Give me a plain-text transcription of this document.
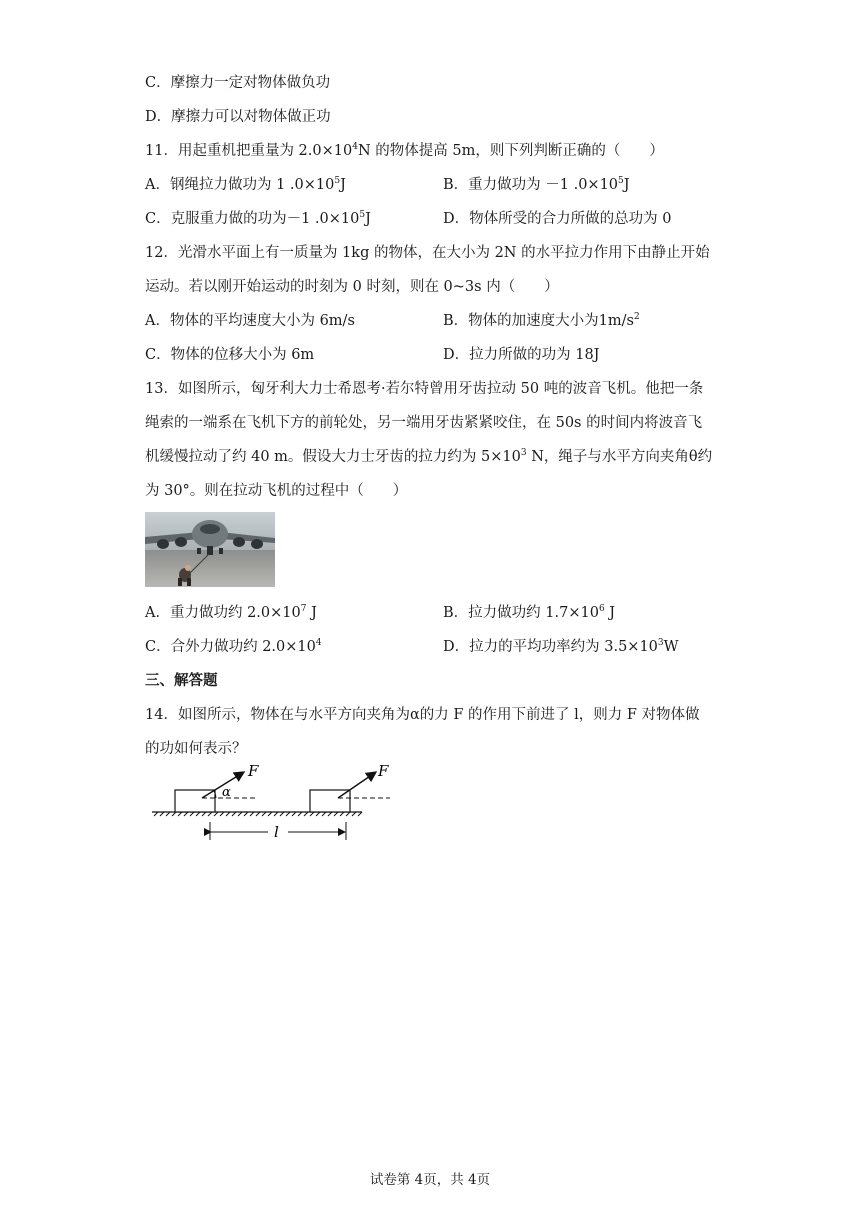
C．摩擦力一定对物体做负功
D．摩擦力可以对物体做正功
11．用起重机把重量为 $2.0\times 10^4N$ 的物体提高 5m，则下列判断正确的（　　）
A．钢绳拉力做功为 1 $.0\times 10^5J$	B．重力做功为 －1 $.0\times 10^5J$
C．克服重力做的功为－1 $.0\times 10^5J$	D．物体所受的合力所做的总功为 0
12．光滑水平面上有一质量为 1kg 的物体，在大小为 2N 的水平拉力作用下由静止开始
运动。若以刚开始运动的时刻为 0 时刻，则在 0~3s 内（　　）
A．物体的平均速度大小为 6m/s	B．物体的加速度大小为$1m/s^2$
C．物体的位移大小为 6m	D．拉力所做的功为 18J
13．如图所示，匈牙利大力士希恩考·若尔特曾用牙齿拉动 50 吨的波音飞机。他把一条
绳索的一端系在飞机下方的前轮处，另一端用牙齿紧紧咬住，在 50s 的时间内将波音飞
机缓慢拉动了约 40 m。假设大力士牙齿的拉力约为 $5\times 10^3$ N，绳子与水平方向夹角θ约
为 30°。则在拉动飞机的过程中（　　）
A．重力做功约 $2.0\times 10^7$ J	B．拉力做功约 $1.7\times 10^6$ J
C．合外力做功约 $2.0\times 10^4$	D．拉力的平均功率约为 $3.5\times 10^3W$
三、解答题
14．如图所示，物体在与水平方向夹角为α的力 F 的作用下前进了 l，则力 F 对物体做
的功如何表示？
F
α
F
l
试卷第 4页，共 4页
